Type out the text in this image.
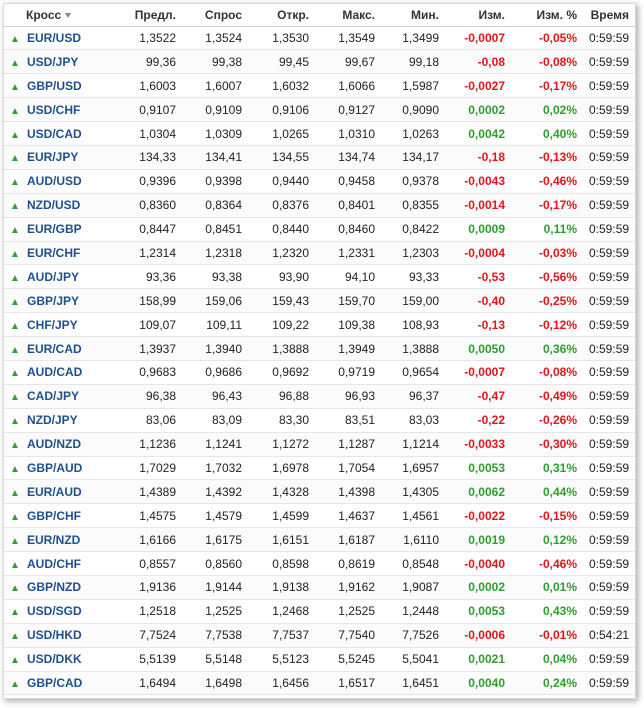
Кросс	Предл.	Спрос	Откр.	Макс.	Мин.	Изм.	Изм. %	Время
▲ EUR/USD	1,3522	1,3524	1,3530	1,3549	1,3499	-0,0007	-0,05%	0:59:59
▲ USD/JPY	99,36	99,38	99,45	99,67	99,18	-0,08	-0,08%	0:59:59
▲ GBP/USD	1,6003	1,6007	1,6032	1,6066	1,5987	-0,0027	-0,17%	0:59:59
▲ USD/CHF	0,9107	0,9109	0,9106	0,9127	0,9090	0,0002	0,02%	0:59:59
▲ USD/CAD	1,0304	1,0309	1,0265	1,0310	1,0263	0,0042	0,40%	0:59:59
▲ EUR/JPY	134,33	134,41	134,55	134,74	134,17	-0,18	-0,13%	0:59:59
▲ AUD/USD	0,9396	0,9398	0,9440	0,9458	0,9378	-0,0043	-0,46%	0:59:59
▲ NZD/USD	0,8360	0,8364	0,8376	0,8401	0,8355	-0,0014	-0,17%	0:59:59
▲ EUR/GBP	0,8447	0,8451	0,8440	0,8460	0,8422	0,0009	0,11%	0:59:59
▲ EUR/CHF	1,2314	1,2318	1,2320	1,2331	1,2303	-0,0004	-0,03%	0:59:59
▲ AUD/JPY	93,36	93,38	93,90	94,10	93,33	-0,53	-0,56%	0:59:59
▲ GBP/JPY	158,99	159,06	159,43	159,70	159,00	-0,40	-0,25%	0:59:59
▲ CHF/JPY	109,07	109,11	109,22	109,38	108,93	-0,13	-0,12%	0:59:59
▲ EUR/CAD	1,3937	1,3940	1,3888	1,3949	1,3888	0,0050	0,36%	0:59:59
▲ AUD/CAD	0,9683	0,9686	0,9692	0,9719	0,9654	-0,0007	-0,08%	0:59:59
▲ CAD/JPY	96,38	96,43	96,88	96,93	96,37	-0,47	-0,49%	0:59:59
▲ NZD/JPY	83,06	83,09	83,30	83,51	83,03	-0,22	-0,26%	0:59:59
▲ AUD/NZD	1,1236	1,1241	1,1272	1,1287	1,1214	-0,0033	-0,30%	0:59:59
▲ GBP/AUD	1,7029	1,7032	1,6978	1,7054	1,6957	0,0053	0,31%	0:59:59
▲ EUR/AUD	1,4389	1,4392	1,4328	1,4398	1,4305	0,0062	0,44%	0:59:59
▲ GBP/CHF	1,4575	1,4579	1,4599	1,4637	1,4561	-0,0022	-0,15%	0:59:59
▲ EUR/NZD	1,6166	1,6175	1,6151	1,6187	1,6110	0,0019	0,12%	0:59:59
▲ AUD/CHF	0,8557	0,8560	0,8598	0,8619	0,8548	-0,0040	-0,46%	0:59:59
▲ GBP/NZD	1,9136	1,9144	1,9138	1,9162	1,9087	0,0002	0,01%	0:59:59
▲ USD/SGD	1,2518	1,2525	1,2468	1,2525	1,2448	0,0053	0,43%	0:59:59
▲ USD/HKD	7,7524	7,7538	7,7537	7,7540	7,7526	-0,0006	-0,01%	0:54:21
▲ USD/DKK	5,5139	5,5148	5,5123	5,5245	5,5041	0,0021	0,04%	0:59:59
▲ GBP/CAD	1,6494	1,6498	1,6456	1,6517	1,6451	0,0040	0,24%	0:59:59
